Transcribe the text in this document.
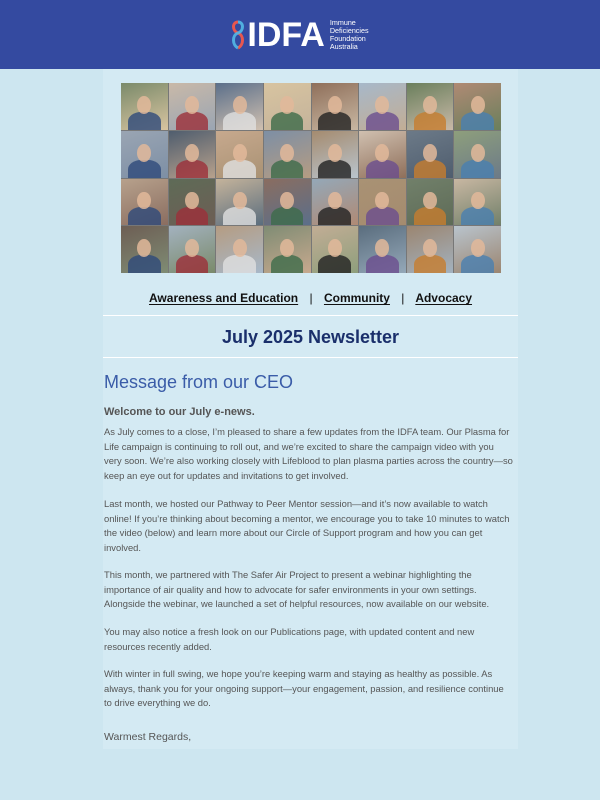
IDFA Immune
Deficiencies
Foundation
Australia
Awareness and Education | Community | Advocacy
July 2025 Newsletter
Message from our CEO
Welcome to our July e-news.
As July comes to a close, I’m pleased to share a few updates from the IDFA team. Our Plasma for Life campaign is continuing to roll out, and we’re excited to share the campaign video with you very soon. We’re also working closely with Lifeblood to plan plasma parties across the country—so keep an eye out for updates and invitations to get involved.
Last month, we hosted our Pathway to Peer Mentor session—and it’s now available to watch online! If you’re thinking about becoming a mentor, we encourage you to take 10 minutes to watch the video (below) and learn more about our Circle of Support program and how you can get involved.
This month, we partnered with The Safer Air Project to present a webinar highlighting the importance of air quality and how to advocate for safer environments in your own settings. Alongside the webinar, we launched a set of helpful resources, now available on our website.
You may also notice a fresh look on our Publications page, with updated content and new resources recently added.
With winter in full swing, we hope you’re keeping warm and staying as healthy as possible. As always, thank you for your ongoing support—your engagement, passion, and resilience continue to drive everything we do.
Warmest Regards,
